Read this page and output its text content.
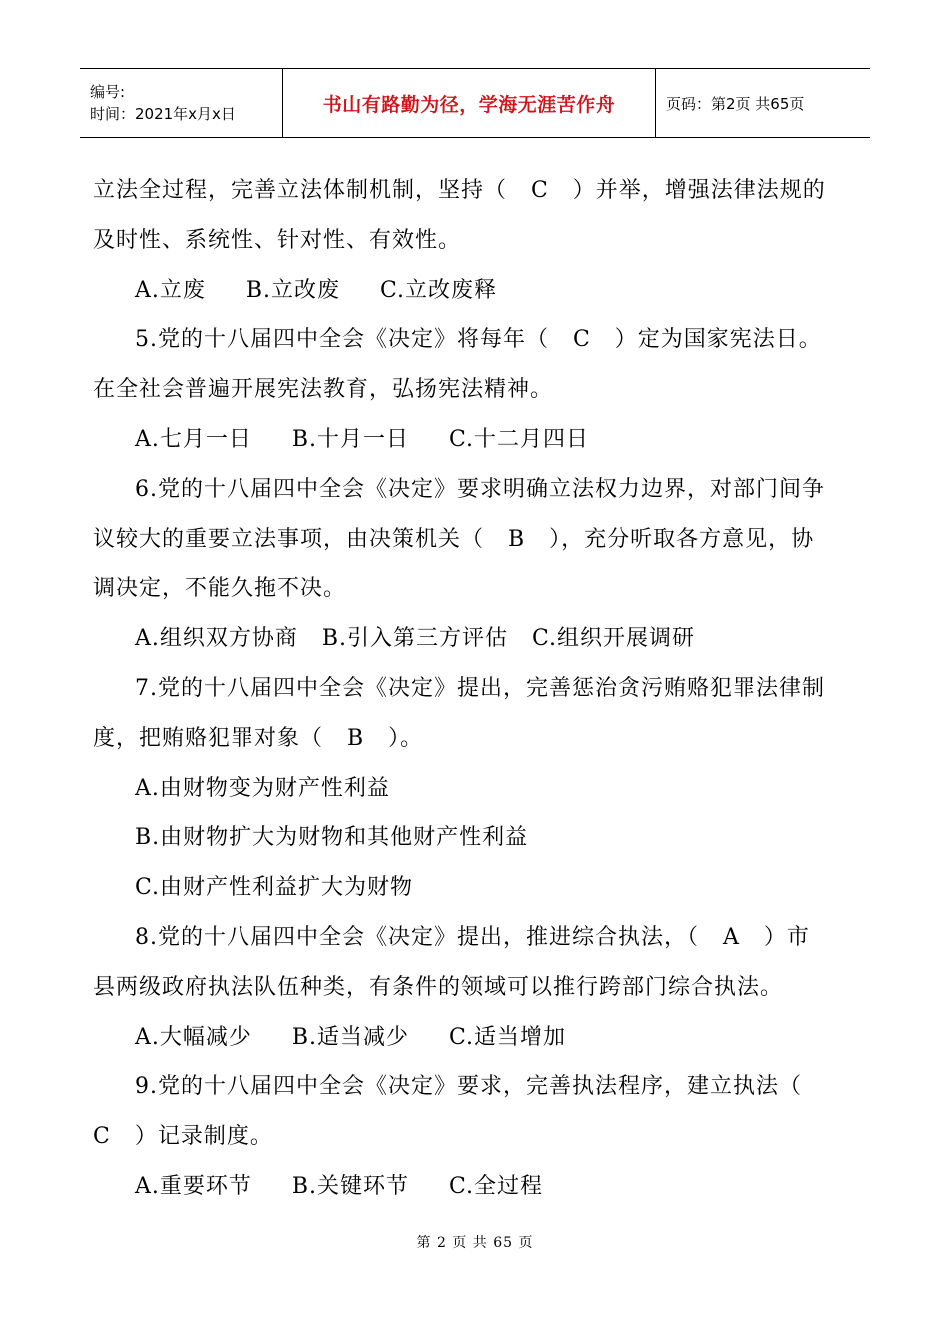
编号:
时间：2021年x月x日	书山有路勤为径，学海无涯苦作舟	页码：第2页 共65页
立法全过程，完善立法体制机制，坚持（   C   ）并举，增强法律法规的
及时性、系统性、针对性、有效性。
A.立废     B.立改废     C.立改废释
5.党的十八届四中全会《决定》将每年（   C   ）定为国家宪法日。
在全社会普遍开展宪法教育，弘扬宪法精神。
A.七月一日     B.十月一日     C.十二月四日
6.党的十八届四中全会《决定》要求明确立法权力边界，对部门间争
议较大的重要立法事项，由决策机关（   B   ），充分听取各方意见，协
调决定，不能久拖不决。
A.组织双方协商   B.引入第三方评估   C.组织开展调研
7.党的十八届四中全会《决定》提出，完善惩治贪污贿赂犯罪法律制
度，把贿赂犯罪对象（   B   ）。
A.由财物变为财产性利益
B.由财物扩大为财物和其他财产性利益
C.由财产性利益扩大为财物
8.党的十八届四中全会《决定》提出，推进综合执法，（   A   ）市
县两级政府执法队伍种类，有条件的领域可以推行跨部门综合执法。
A.大幅减少     B.适当减少     C.适当增加
9.党的十八届四中全会《决定》要求，完善执法程序，建立执法（
C   ）记录制度。
A.重要环节     B.关键环节     C.全过程
第 2 页 共 65 页
